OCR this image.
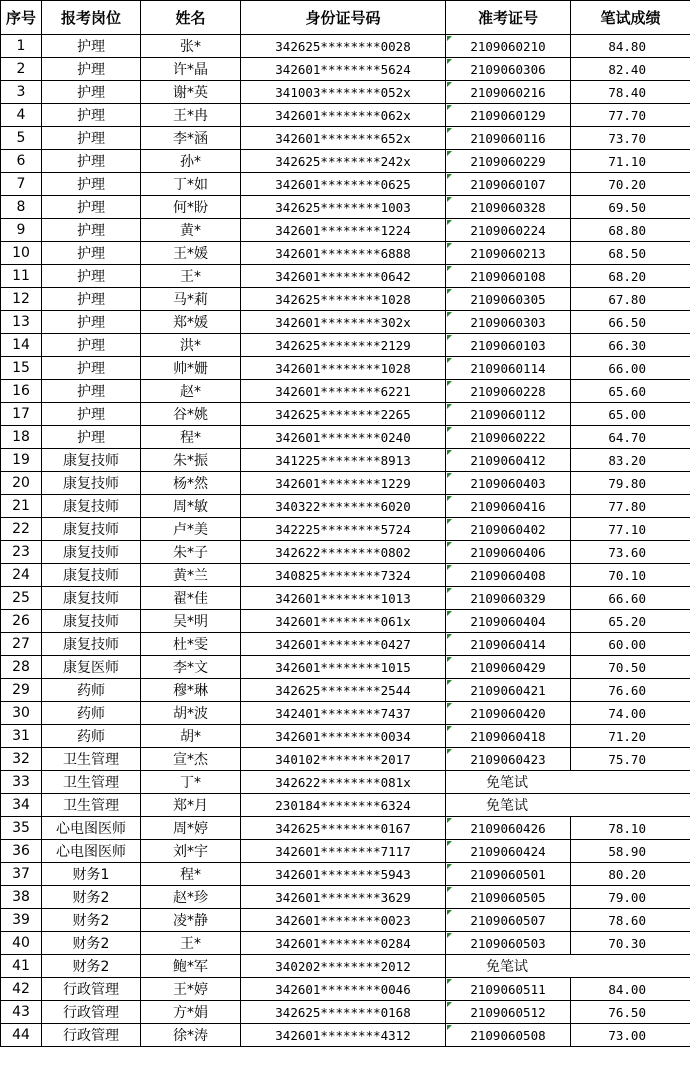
序号	报考岗位	姓名	身份证号码	准考证号	笔试成绩
1	护理	张*	342625********0028	2109060210	84.80
2	护理	许*晶	342601********5624	2109060306	82.40
3	护理	谢*英	341003********052x	2109060216	78.40
4	护理	王*冉	342601********062x	2109060129	77.70
5	护理	李*涵	342601********652x	2109060116	73.70
6	护理	孙*	342625********242x	2109060229	71.10
7	护理	丁*如	342601********0625	2109060107	70.20
8	护理	何*盼	342625********1003	2109060328	69.50
9	护理	黄*	342601********1224	2109060224	68.80
10	护理	王*媛	342601********6888	2109060213	68.50
11	护理	王*	342601********0642	2109060108	68.20
12	护理	马*莉	342625********1028	2109060305	67.80
13	护理	郑*媛	342601********302x	2109060303	66.50
14	护理	洪*	342625********2129	2109060103	66.30
15	护理	帅*姗	342601********1028	2109060114	66.00
16	护理	赵*	342601********6221	2109060228	65.60
17	护理	谷*姚	342625********2265	2109060112	65.00
18	护理	程*	342601********0240	2109060222	64.70
19	康复技师	朱*振	341225********8913	2109060412	83.20
20	康复技师	杨*然	342601********1229	2109060403	79.80
21	康复技师	周*敏	340322********6020	2109060416	77.80
22	康复技师	卢*美	342225********5724	2109060402	77.10
23	康复技师	朱*子	342622********0802	2109060406	73.60
24	康复技师	黄*兰	340825********7324	2109060408	70.10
25	康复技师	翟*佳	342601********1013	2109060329	66.60
26	康复技师	吴*明	342601********061x	2109060404	65.20
27	康复技师	杜*雯	342601********0427	2109060414	60.00
28	康复医师	李*文	342601********1015	2109060429	70.50
29	药师	穆*琳	342625********2544	2109060421	76.60
30	药师	胡*波	342401********7437	2109060420	74.00
31	药师	胡*	342601********0034	2109060418	71.20
32	卫生管理	宣*杰	340102********2017	2109060423	75.70
33	卫生管理	丁*	342622********081x	免笔试	
34	卫生管理	郑*月	230184********6324	免笔试	
35	心电图医师	周*婷	342625********0167	2109060426	78.10
36	心电图医师	刘*宇	342601********7117	2109060424	58.90
37	财务1	程*	342601********5943	2109060501	80.20
38	财务2	赵*珍	342601********3629	2109060505	79.00
39	财务2	凌*静	342601********0023	2109060507	78.60
40	财务2	王*	342601********0284	2109060503	70.30
41	财务2	鲍*军	340202********2012	免笔试	
42	行政管理	王*婷	342601********0046	2109060511	84.00
43	行政管理	方*娟	342625********0168	2109060512	76.50
44	行政管理	徐*涛	342601********4312	2109060508	73.00
